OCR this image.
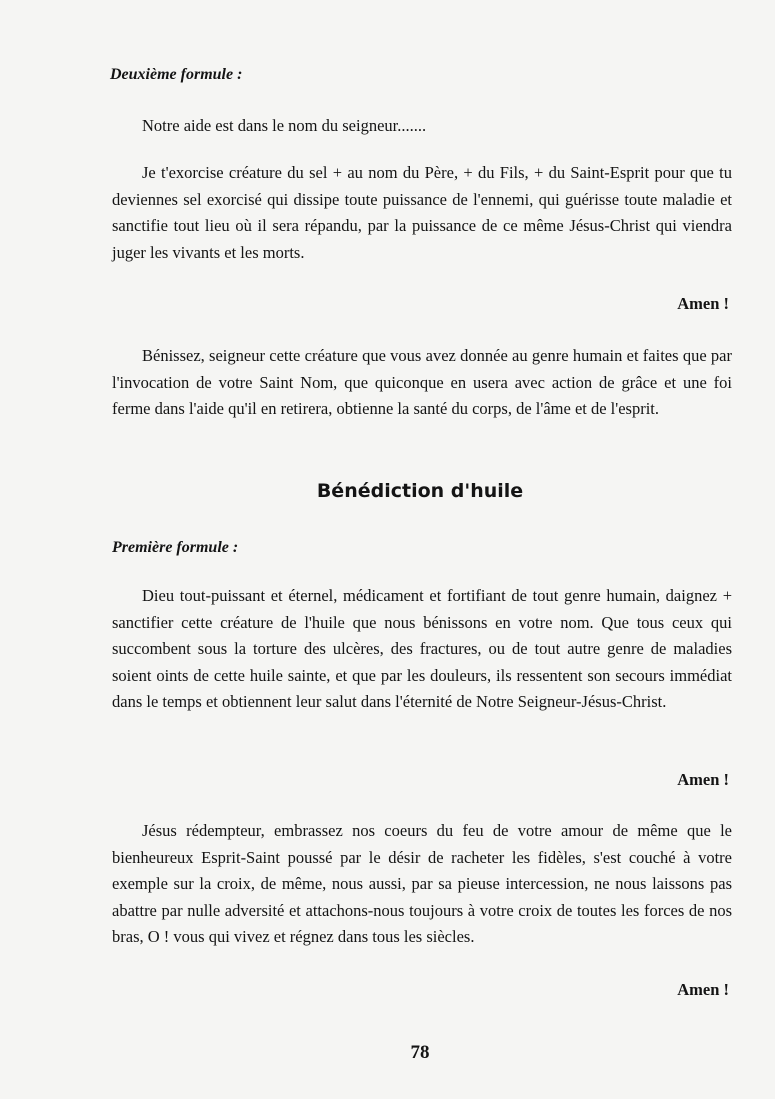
Deuxième formule :
Notre aide est dans le nom du seigneur.......

Je t'exorcise créature du sel + au nom du Père, + du Fils, + du Saint-Esprit pour que tu deviennes sel exorcisé qui dissipe toute puissance de l'ennemi, qui guérisse toute maladie et sanctifie tout lieu où il sera répandu, par la puissance de ce même Jésus-Christ qui viendra juger les vivants et les morts.

Amen !

Bénissez, seigneur cette créature que vous avez donnée au genre humain et faites que par l'invocation de votre Saint Nom, que quiconque en usera avec action de grâce et une foi ferme dans l'aide qu'il en retirera, obtienne la santé du corps, de l'âme et de l'esprit.

Bénédiction d'huile
Première formule :

Dieu tout-puissant et éternel, médicament et fortifiant de tout genre humain, daignez + sanctifier cette créature de l'huile que nous bénissons en votre nom. Que tous ceux qui succombent sous la torture des ulcères, des fractures, ou de tout autre genre de maladies soient oints de cette huile sainte, et que par les douleurs, ils ressentent son secours immédiat dans le temps et obtiennent leur salut dans l'éternité de Notre Seigneur-Jésus-Christ.

Amen !

Jésus rédempteur, embrassez nos coeurs du feu de votre amour de même que le bienheureux Esprit-Saint poussé par le désir de racheter les fidèles, s'est couché à votre exemple sur la croix, de même, nous aussi, par sa pieuse intercession, ne nous laissons pas abattre par nulle adversité et attachons-nous toujours à votre croix de toutes les forces de nos bras, O ! vous qui vivez et régnez dans tous les siècles.

Amen !
78
